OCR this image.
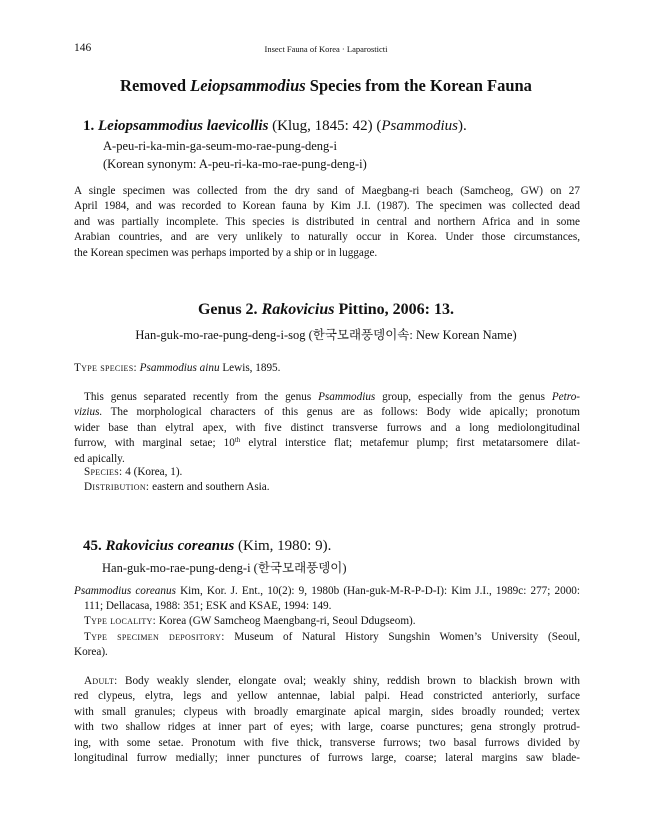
146	Insect Fauna of Korea · Laparosticti
Removed Leiopsammodius Species from the Korean Fauna
1. Leiopsammodius laevicollis (Klug, 1845: 42) (Psammodius).
A-peu-ri-ka-min-ga-seum-mo-rae-pung-deng-i
(Korean synonym: A-peu-ri-ka-mo-rae-pung-deng-i)
A single specimen was collected from the dry sand of Maegbang-ri beach (Samcheog, GW) on 27
April 1984, and was recorded to Korean fauna by Kim J.I. (1987). The specimen was collected dead
and was partially incomplete. This species is distributed in central and northern Africa and in some
Arabian countries, and are very unlikely to naturally occur in Korea. Under those circumstances,
the Korean specimen was perhaps imported by a ship or in luggage.
Genus 2. Rakovicius Pittino, 2006: 13.
Han-guk-mo-rae-pung-deng-i-sog (한국모래풍뎅이속: New Korean Name)
Type species: Psammodius ainu Lewis, 1895.
This genus separated recently from the genus Psammodius group, especially from the genus Petro-
vizius. The morphological characters of this genus are as follows: Body wide apically; pronotum
wider base than elytral apex, with five distinct transverse furrows and a long mediolongitudinal
furrow, with marginal setae; 10th elytral interstice flat; metafemur plump; first metatarsomere dilat-
ed apically.
Species: 4 (Korea, 1).
Distribution: eastern and southern Asia.
45. Rakovicius coreanus (Kim, 1980: 9).
Han-guk-mo-rae-pung-deng-i (한국모래풍뎅이)
Psammodius coreanus Kim, Kor. J. Ent., 10(2): 9, 1980b (Han-guk-M-R-P-D-I): Kim J.I., 1989c: 277; 2000:
111; Dellacasa, 1988: 351; ESK and KSAE, 1994: 149.
Type locality: Korea (GW Samcheog Maengbang-ri, Seoul Ddugseom).
Type specimen depository: Museum of Natural History Sungshin Women’s University (Seoul,
Korea).
Adult: Body weakly slender, elongate oval; weakly shiny, reddish brown to blackish brown with
red clypeus, elytra, legs and yellow antennae, labial palpi. Head constricted anteriorly, surface
with small granules; clypeus with broadly emarginate apical margin, sides broadly rounded; vertex
with two shallow ridges at inner part of eyes; with large, coarse punctures; gena strongly protrud-
ing, with some setae. Pronotum with five thick, transverse furrows; two basal furrows divided by
longitudinal furrow medially; inner punctures of furrows large, coarse; lateral margins saw blade-
